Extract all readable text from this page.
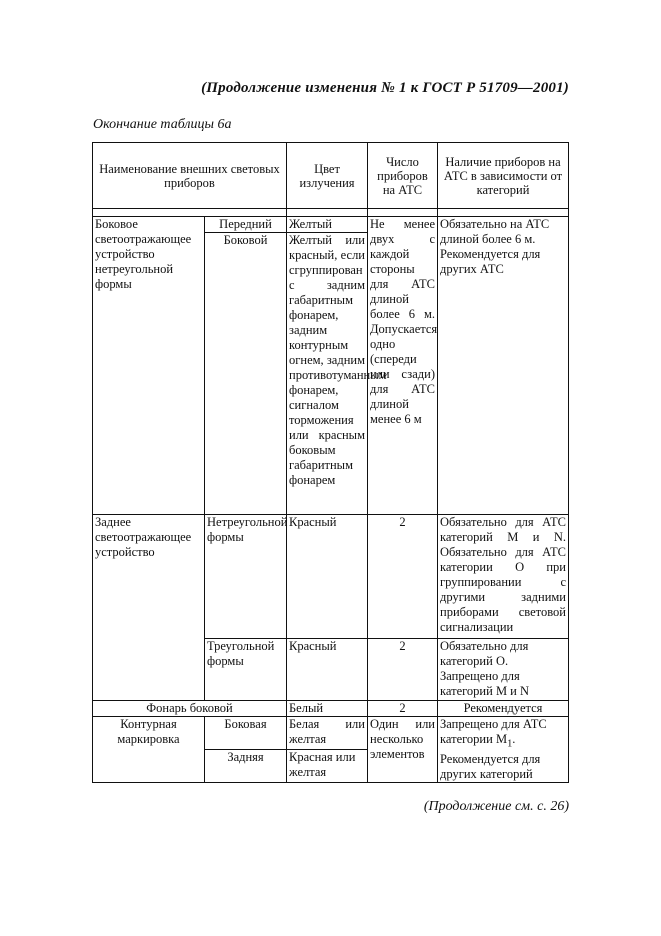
(Продолжение изменения № 1 к ГОСТ Р 51709—2001)
Окончание таблицы 6а
Наименование внешних световых приборов		Цвет излучения	Число приборов на АТС	Наличие приборов на АТС в зависимости от категорий

Боковое светоотражающее устройство нетреугольной формы	Передний	Желтый	Не менее двух с каждой стороны для АТС длиной более 6 м. Допускается одно (спереди или сзади) для АТС длиной менее 6 м	Обязательно на АТС длиной более 6 м. Рекомендуется для других АТС
	Боковой	Желтый или красный, если сгруппирован с задним габаритным фонарем, задним контурным огнем, задним противотуманным фонарем, сигналом торможения или красным боковым габаритным фонарем		
Заднее светоотражающее устройство	Нетреугольной формы	Красный	2	Обязательно для АТС категорий М и N. Обязательно для АТС категории О при группировании с другими задними приборами световой сигнализации
	Треугольной формы	Красный	2	Обязательно для категорий О. Запрещено для категорий М и N
Фонарь боковой		Белый	2	Рекомендуется
Контурная маркировка	Боковая	Белая или желтая	Один или несколько элементов	Запрещено для АТС категории $М_1$. Рекомендуется для других категорий
	Задняя	Красная или желтая		
(Продолжение см. с. 26)
